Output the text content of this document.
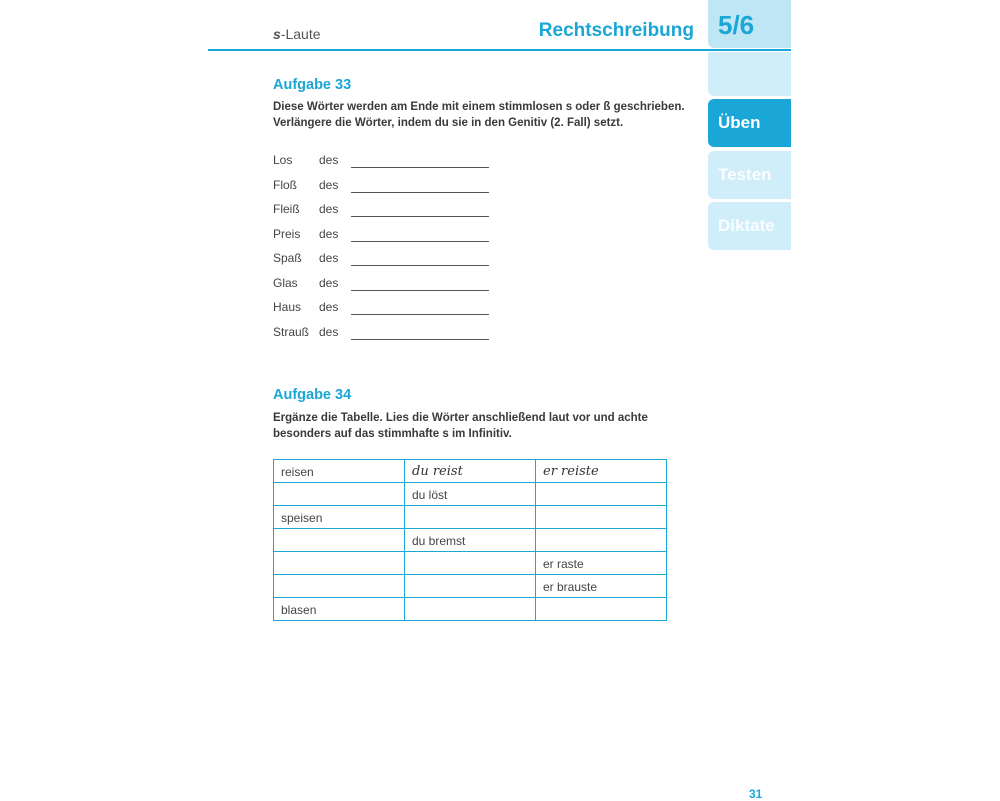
s-Laute	Rechtschreibung 5/6
Üben
Testen
Diktate
Aufgabe 33
Diese Wörter werden am Ende mit einem stimmlosen s oder ß geschrieben.
Verlängere die Wörter, indem du sie in den Genitiv (2. Fall) setzt.
Los	des
Floß	des
Fleiß	des
Preis	des
Spaß	des
Glas	des
Haus	des
Strauß des
Aufgabe 34
Ergänze die Tabelle. Lies die Wörter anschließend laut vor und achte
besonders auf das stimmhafte s im Infinitiv.
reisen	du reist	er reiste
	du löst	
speisen		
	du bremst	
		er raste
		er brauste
blasen		
31
